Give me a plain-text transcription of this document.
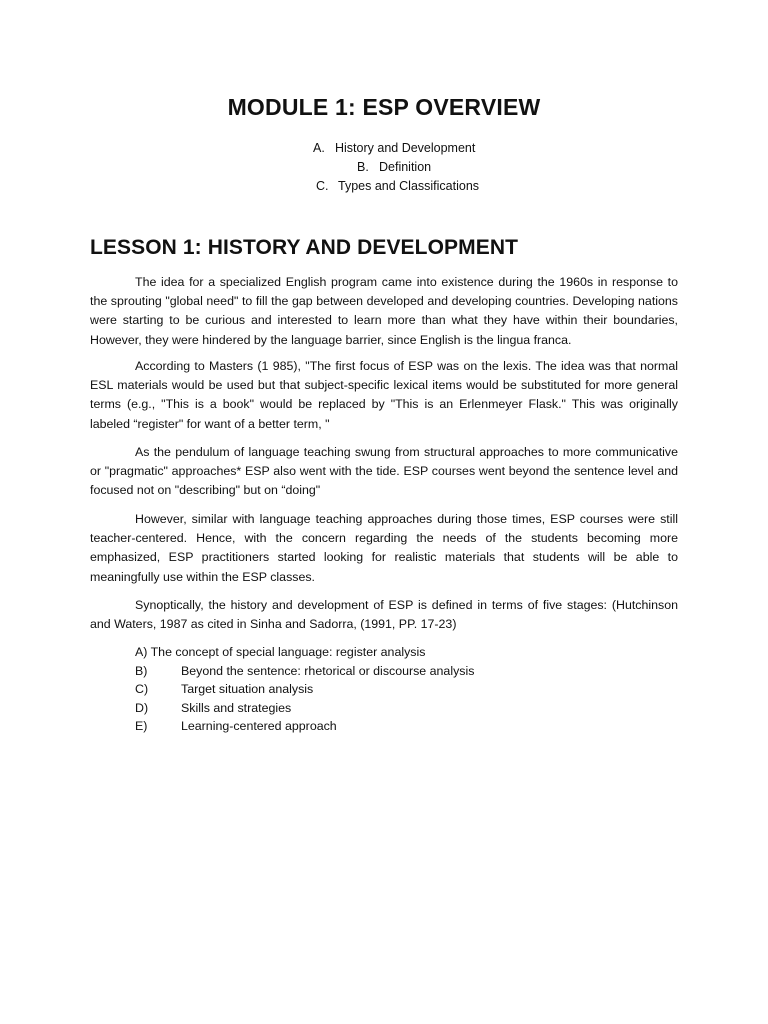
MODULE 1: ESP OVERVIEW
A. History and Development
B. Definition
C. Types and Classifications
LESSON 1: HISTORY AND DEVELOPMENT

The idea for a specialized English program came into existence during the 1960s in response to the sprouting "global need" to fill the gap between developed and developing countries. Developing nations were starting to be curious and interested to learn more than what they have within their boundaries, However, they were hindered by the language barrier, since English is the lingua franca.

According to Masters (1 985), "The first focus of ESP was on the lexis. The idea was that normal ESL materials would be used but that subject-specific lexical items would be substituted for more general terms (e.g., "This is a book" would be replaced by "This is an Erlenmeyer Flask." This was originally labeled “register" for want of a better term, "

As the pendulum of language teaching swung from structural approaches to more communicative or "pragmatic" approaches* ESP also went with the tide. ESP courses went beyond the sentence level and focused not on "describing" but on “doing"

However, similar with language teaching approaches during those times, ESP courses were still teacher-centered. Hence, with the concern regarding the needs of the students becoming more emphasized, ESP practitioners started looking for realistic materials that students will be able to meaningfully use within the ESP classes.

Synoptically, the history and development of ESP is defined in terms of five stages: (Hutchinson and Waters, 1987 as cited in Sinha and Sadorra, (1991, PP. 17-23)

A) The concept of special language: register analysis
B)	Beyond the sentence: rhetorical or discourse analysis
C)	Target situation analysis
D)	Skills and strategies
E)	Learning-centered approach
